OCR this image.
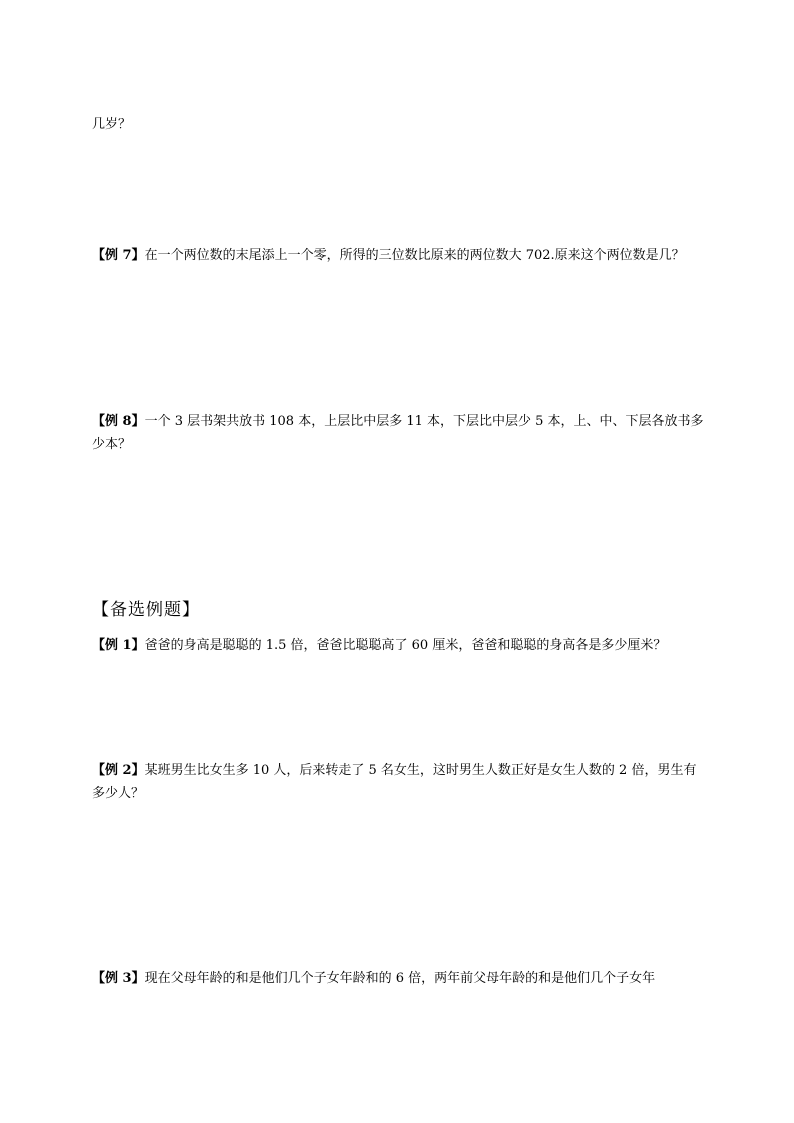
几岁？
【例 7】在一个两位数的末尾添上一个零，所得的三位数比原来的两位数大 702.原来这个两位数是几？
【例 8】一个 3 层书架共放书 108 本，上层比中层多 11 本，下层比中层少 5 本，上、中、下层各放书多少本？
【备选例题】
【例 1】爸爸的身高是聪聪的 1.5 倍，爸爸比聪聪高了 60 厘米，爸爸和聪聪的身高各是多少厘米？
【例 2】某班男生比女生多 10 人，后来转走了 5 名女生，这时男生人数正好是女生人数的 2 倍，男生有多少人？
【例 3】现在父母年龄的和是他们几个子女年龄和的 6 倍，两年前父母年龄的和是他们几个子女年
